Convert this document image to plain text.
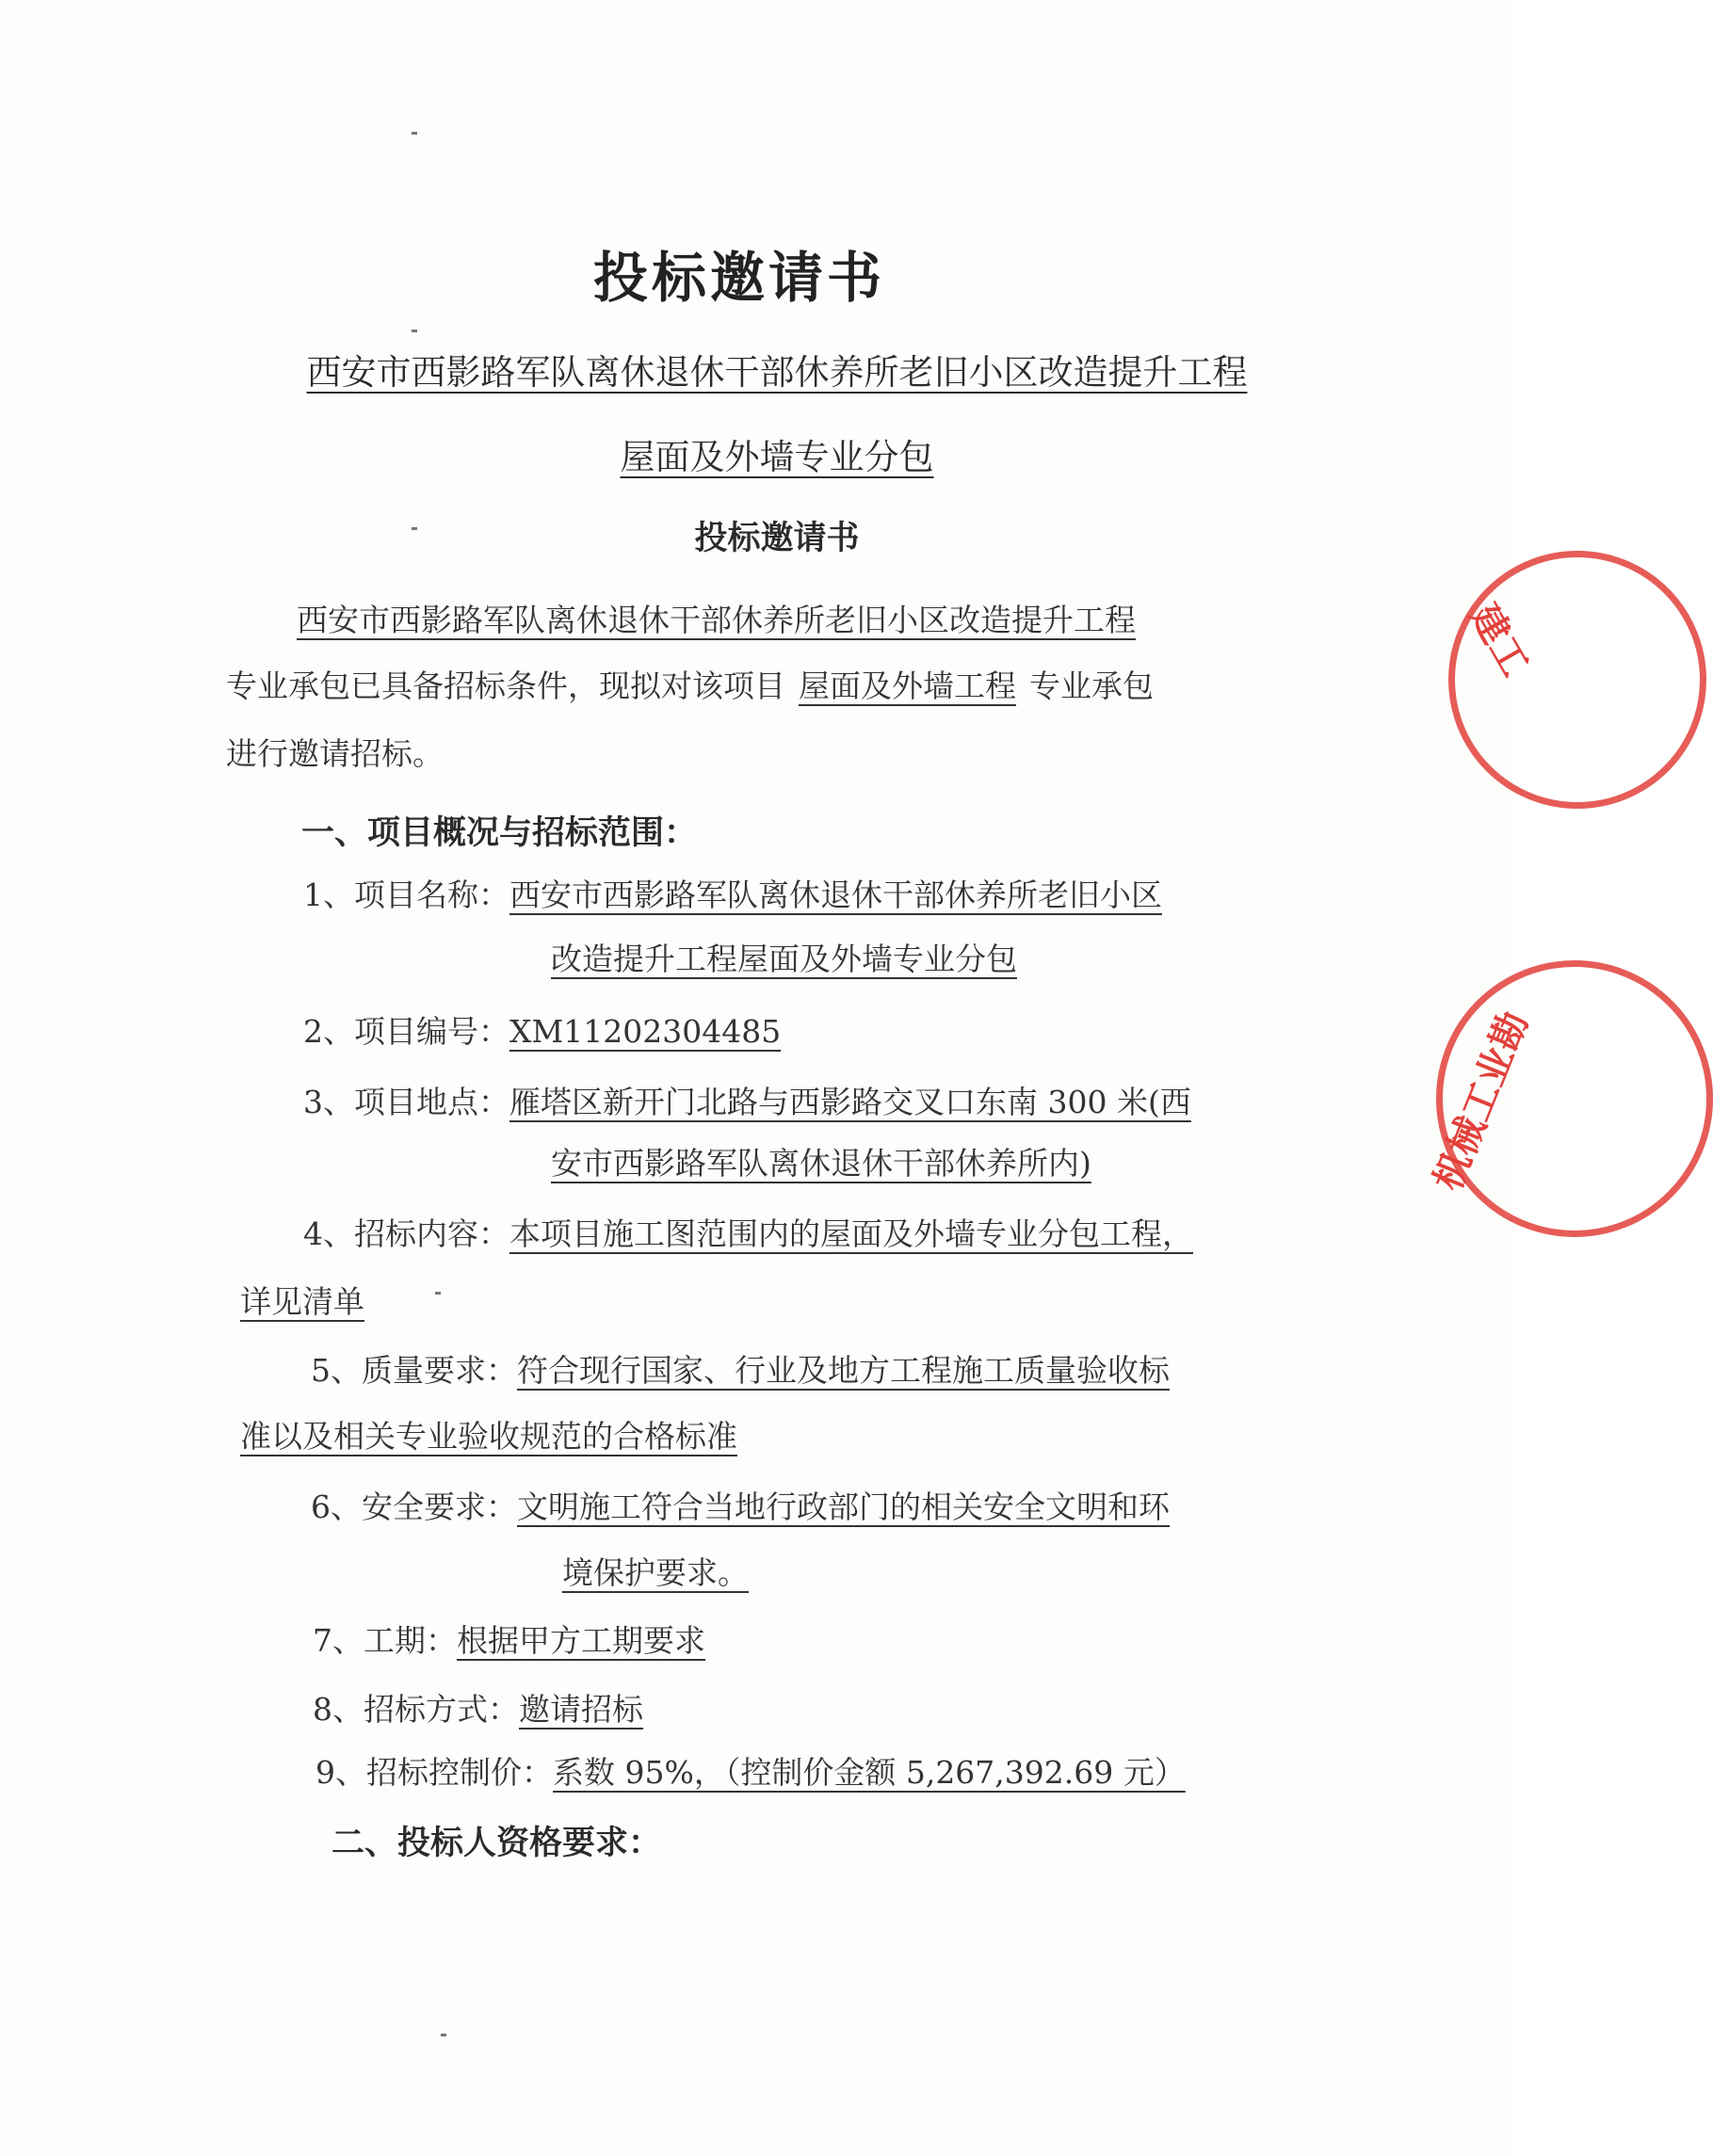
投标邀请书
西安市西影路军队离休退休干部休养所老旧小区改造提升工程
屋面及外墙专业分包
投标邀请书
西安市西影路军队离休退休干部休养所老旧小区改造提升工程
专业承包已具备招标条件，现拟对该项目 屋面及外墙工程 专业承包
进行邀请招标。
一、项目概况与招标范围：
1、项目名称：西安市西影路军队离休退休干部休养所老旧小区
改造提升工程屋面及外墙专业分包
2、项目编号：XM11202304485
3、项目地点：雁塔区新开门北路与西影路交叉口东南 300 米(西
安市西影路军队离休退休干部休养所内)
4、招标内容：本项目施工图范围内的屋面及外墙专业分包工程，
详见清单
5、质量要求：符合现行国家、行业及地方工程施工质量验收标
准以及相关专业验收规范的合格标准
6、安全要求：文明施工符合当地行政部门的相关安全文明和环
境保护要求。
7、工期：根据甲方工期要求
8、招标方式：邀请招标
9、招标控制价：系数 95%，（控制价金额 5,267,392.69 元）
二、投标人资格要求：
建工
机械工业勘
